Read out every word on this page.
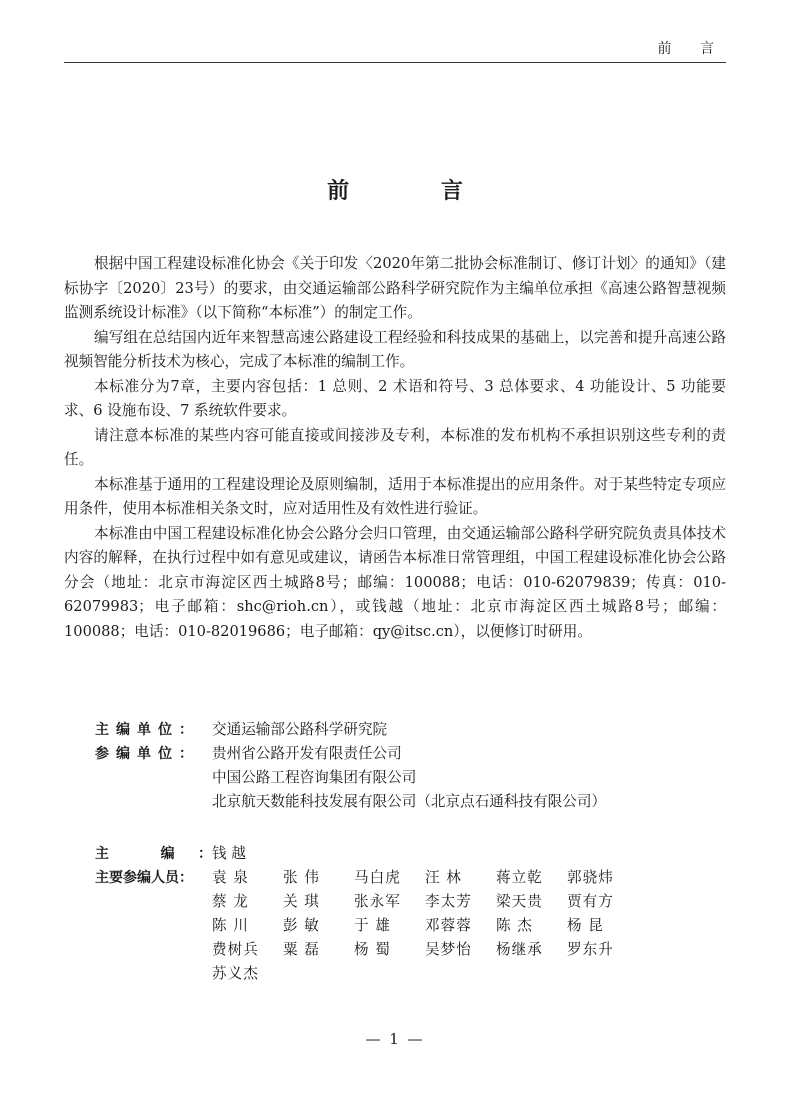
前 言
前 言

根据中国工程建设标准化协会《关于印发〈2020年第二批协会标准制订、修订计划〉的通知》（建标协字〔2020〕23号）的要求，由交通运输部公路科学研究院作为主编单位承担《高速公路智慧视频监测系统设计标准》（以下简称“本标准”）的制定工作。

编写组在总结国内近年来智慧高速公路建设工程经验和科技成果的基础上，以完善和提升高速公路视频智能分析技术为核心，完成了本标准的编制工作。

本标准分为7章，主要内容包括：1 总则、2 术语和符号、3 总体要求、4 功能设计、5 功能要求、6 设施布设、7 系统软件要求。

请注意本标准的某些内容可能直接或间接涉及专利，本标准的发布机构不承担识别这些专利的责任。

本标准基于通用的工程建设理论及原则编制，适用于本标准提出的应用条件。对于某些特定专项应用条件，使用本标准相关条文时，应对适用性及有效性进行验证。

本标准由中国工程建设标准化协会公路分会归口管理，由交通运输部公路科学研究院负责具体技术内容的解释，在执行过程中如有意见或建议，请函告本标准日常管理组，中国工程建设标准化协会公路分会（地址：北京市海淀区西土城路8号；邮编：100088；电话：010-62079839；传真：010-62079983；电子邮箱：shc@rioh.cn），或钱越（地址：北京市海淀区西土城路8号；邮编：100088；电话：010-82019686；电子邮箱：qy@itsc.cn），以便修订时研用。

主编单位： 交通运输部公路科学研究院
参编单位： 贵州省公路开发有限责任公司
中国公路工程咨询集团有限公司
北京航天数能科技发展有限公司（北京点石通科技有限公司）
主 编： 钱 越
主要参编人员：	袁 泉	张 伟	马白虎	汪 林	蒋立乾	郭骁炜
蔡 龙	关 琪	张永军	李太芳	梁天贵	贾有方
陈 川	彭 敏	于 雄	邓蓉蓉	陈 杰	杨 昆
费树兵	粟 磊	杨 蜀	吴梦怡	杨继承	罗东升
苏义杰
— 1 —
